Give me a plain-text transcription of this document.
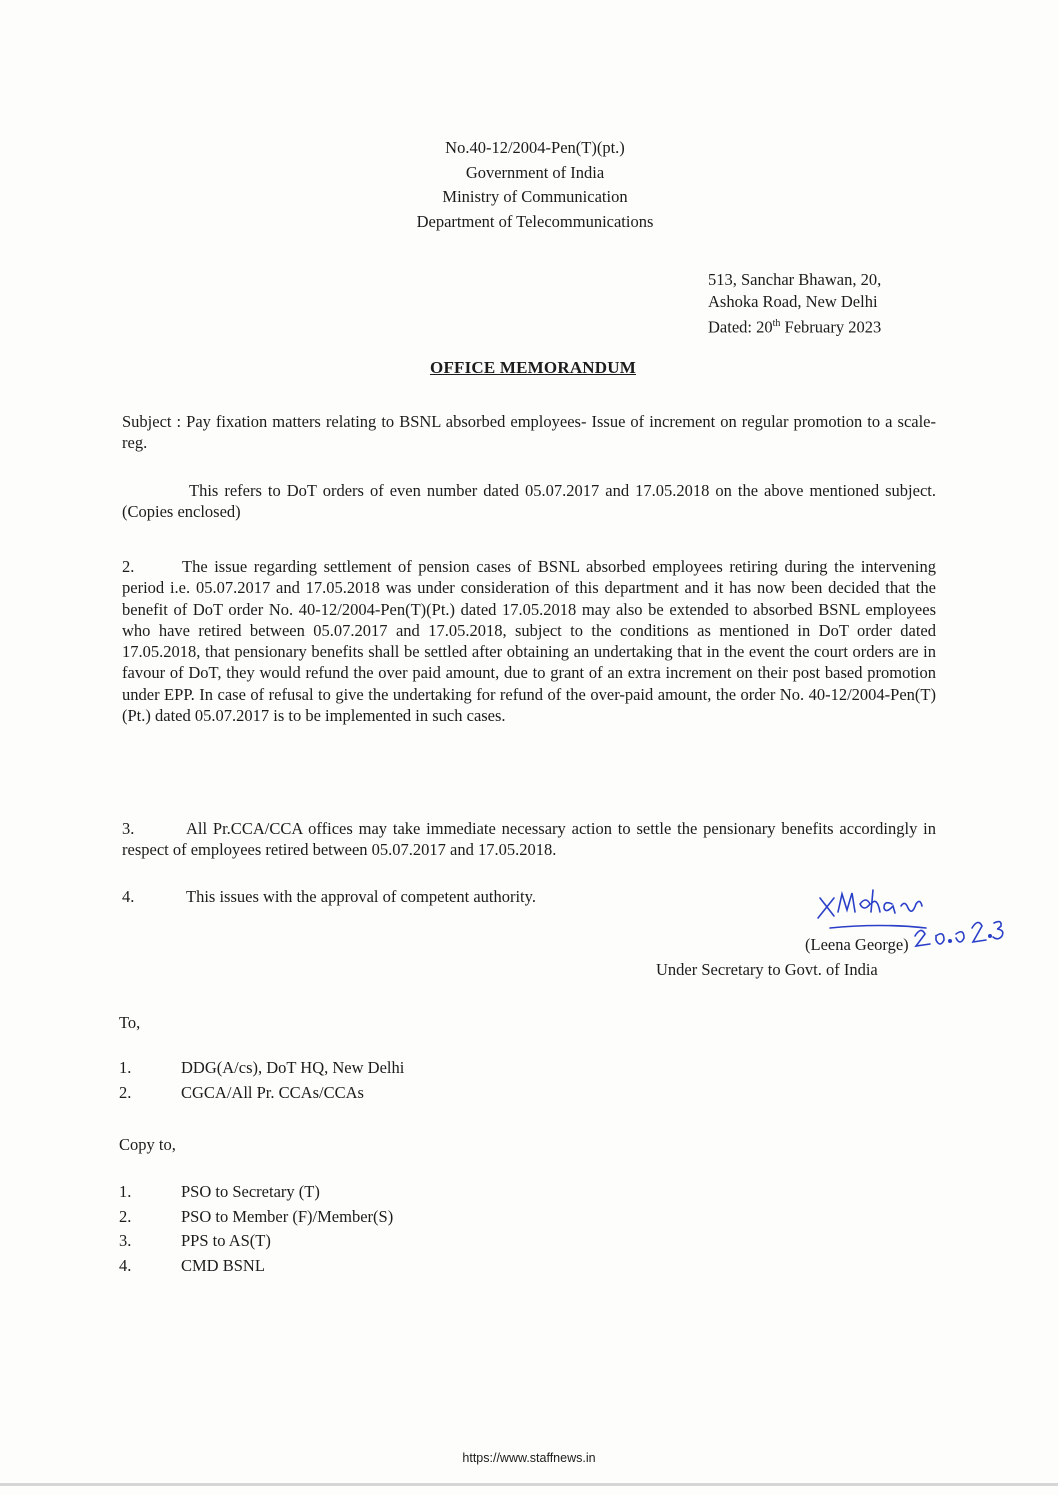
No.40-12/2004-Pen(T)(pt.)
Government of India
Ministry of Communication
Department of Telecommunications
513, Sanchar Bhawan, 20,
Ashoka Road, New Delhi
Dated: 20th February 2023
OFFICE MEMORANDUM
Subject : Pay fixation matters relating to BSNL absorbed employees- Issue of increment on regular promotion to a scale-reg.
This refers to DoT orders of even number dated 05.07.2017 and 17.05.2018 on the above mentioned subject. (Copies enclosed)
2.	The issue regarding settlement of pension cases of BSNL absorbed employees retiring during the intervening period i.e. 05.07.2017 and 17.05.2018 was under consideration of this department and it has now been decided that the benefit of DoT order No. 40-12/2004-Pen(T)(Pt.) dated 17.05.2018 may also be extended to absorbed BSNL employees who have retired between 05.07.2017 and 17.05.2018, subject to the conditions as mentioned in DoT order dated 17.05.2018, that pensionary benefits shall be settled after obtaining an undertaking that in the event the court orders are in favour of DoT, they would refund the over paid amount, due to grant of an extra increment on their post based promotion under EPP. In case of refusal to give the undertaking for refund of the over-paid amount, the order No. 40-12/2004-Pen(T)(Pt.) dated 05.07.2017 is to be implemented in such cases.
3.	All Pr.CCA/CCA offices may take immediate necessary action to settle the pensionary benefits accordingly in respect of employees retired between 05.07.2017 and 17.05.2018.
4.	This issues with the approval of competent authority.
(Leena George)
Under Secretary to Govt. of India
To,
1.	DDG(A/cs), DoT HQ, New Delhi
2.	CGCA/All Pr. CCAs/CCAs
Copy to,
1.	PSO to Secretary (T)
2.	PSO to Member (F)/Member(S)
3.	PPS to AS(T)
4.	CMD BSNL
https://www.staffnews.in
